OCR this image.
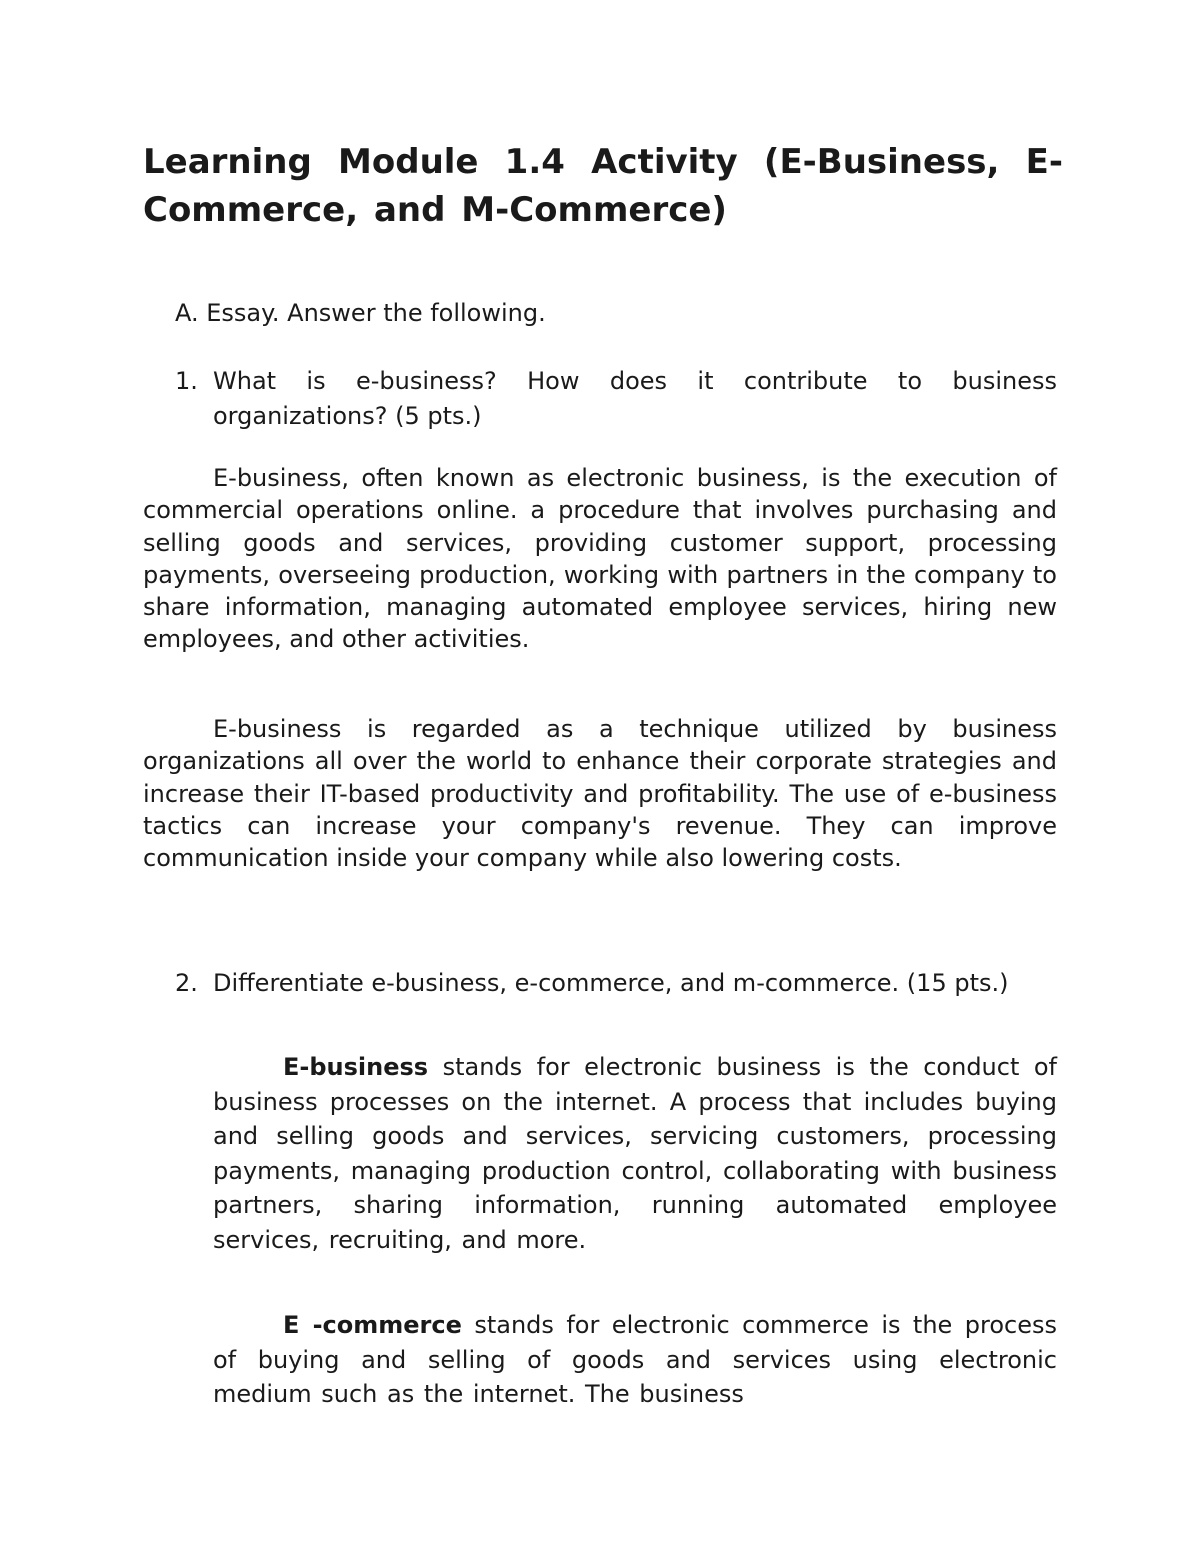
Learning Module 1.4 Activity (E-Business, E-Commerce, and M-Commerce)

A. Essay. Answer the following.

1. What is e-business? How does it contribute to business organizations? (5 pts.)

E-business, often known as electronic business, is the execution of commercial operations online. a procedure that involves purchasing and selling goods and services, providing customer support, processing payments, overseeing production, working with partners in the company to share information, managing automated employee services, hiring new employees, and other activities.

E-business is regarded as a technique utilized by business organizations all over the world to enhance their corporate strategies and increase their IT-based productivity and profitability. The use of e-business tactics can increase your company's revenue. They can improve communication inside your company while also lowering costs.

2. Differentiate e-business, e-commerce, and m-commerce. (15 pts.)

E-business stands for electronic business is the conduct of business processes on the internet. A process that includes buying and selling goods and services, servicing customers, processing payments, managing production control, collaborating with business partners, sharing information, running automated employee services, recruiting, and more.

E -commerce stands for electronic commerce is the process of buying and selling of goods and services using electronic medium such as the internet. The business
